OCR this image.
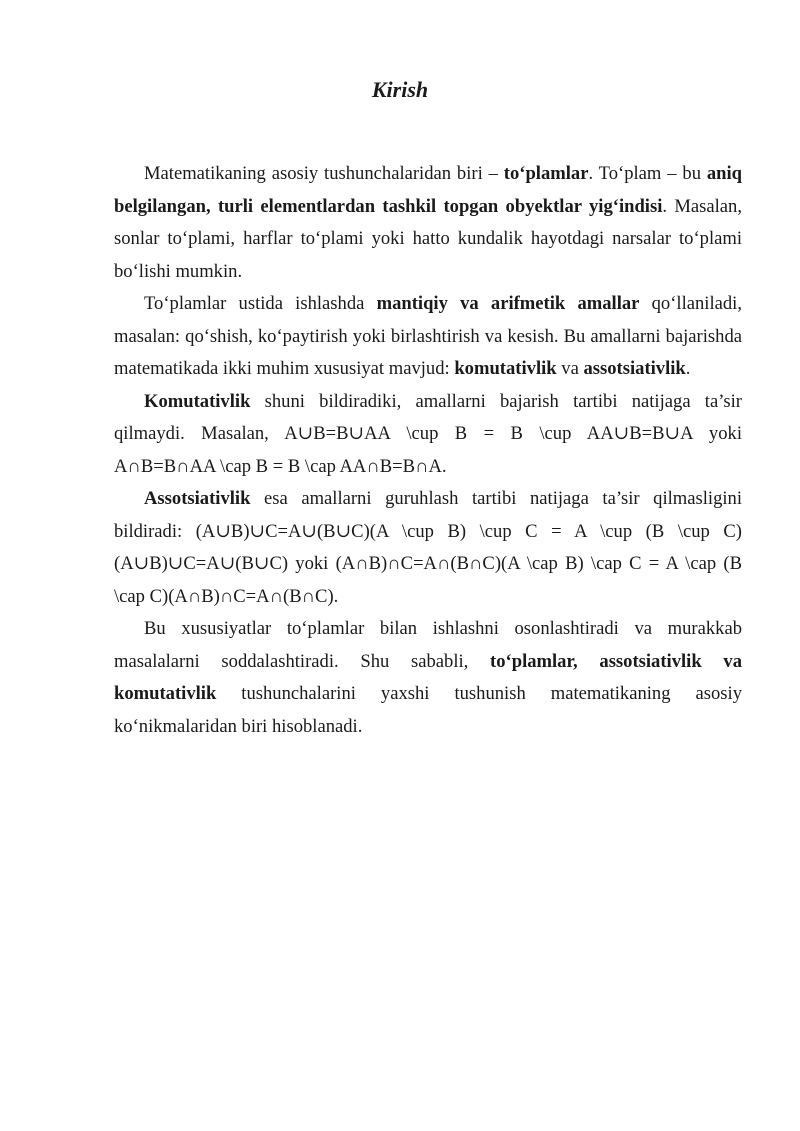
Kirish

Matematikaning asosiy tushunchalaridan biri – to‘plamlar. To‘plam – bu aniq belgilangan, turli elementlardan tashkil topgan obyektlar yig‘indisi. Masalan, sonlar to‘plami, harflar to‘plami yoki hatto kundalik hayotdagi narsalar to‘plami bo‘lishi mumkin.

To‘plamlar ustida ishlashda mantiqiy va arifmetik amallar qo‘llaniladi, masalan: qo‘shish, ko‘paytirish yoki birlashtirish va kesish. Bu amallarni bajarishda matematikada ikki muhim xususiyat mavjud: komutativlik va assotsiativlik.

Komutativlik shuni bildiradiki, amallarni bajarish tartibi natijaga ta’sir qilmaydi. Masalan, A∪B=B∪AA \cup B = B \cup AA∪B=B∪A yoki A∩B=B∩AA \cap B = B \cap AA∩B=B∩A.

Assotsiativlik esa amallarni guruhlash tartibi natijaga ta’sir qilmasligini bildiradi: (A∪B)∪C=A∪(B∪C)(A \cup B) \cup C = A \cup (B \cup C)(A∪B)∪C=A∪(B∪C) yoki (A∩B)∩C=A∩(B∩C)(A \cap B) \cap C = A \cap (B \cap C)(A∩B)∩C=A∩(B∩C).

Bu xususiyatlar to‘plamlar bilan ishlashni osonlashtiradi va murakkab masalalarni soddalashtiradi. Shu sababli, to‘plamlar, assotsiativlik va komutativlik tushunchalarini yaxshi tushunish matematikaning asosiy ko‘nikmalaridan biri hisoblanadi.
